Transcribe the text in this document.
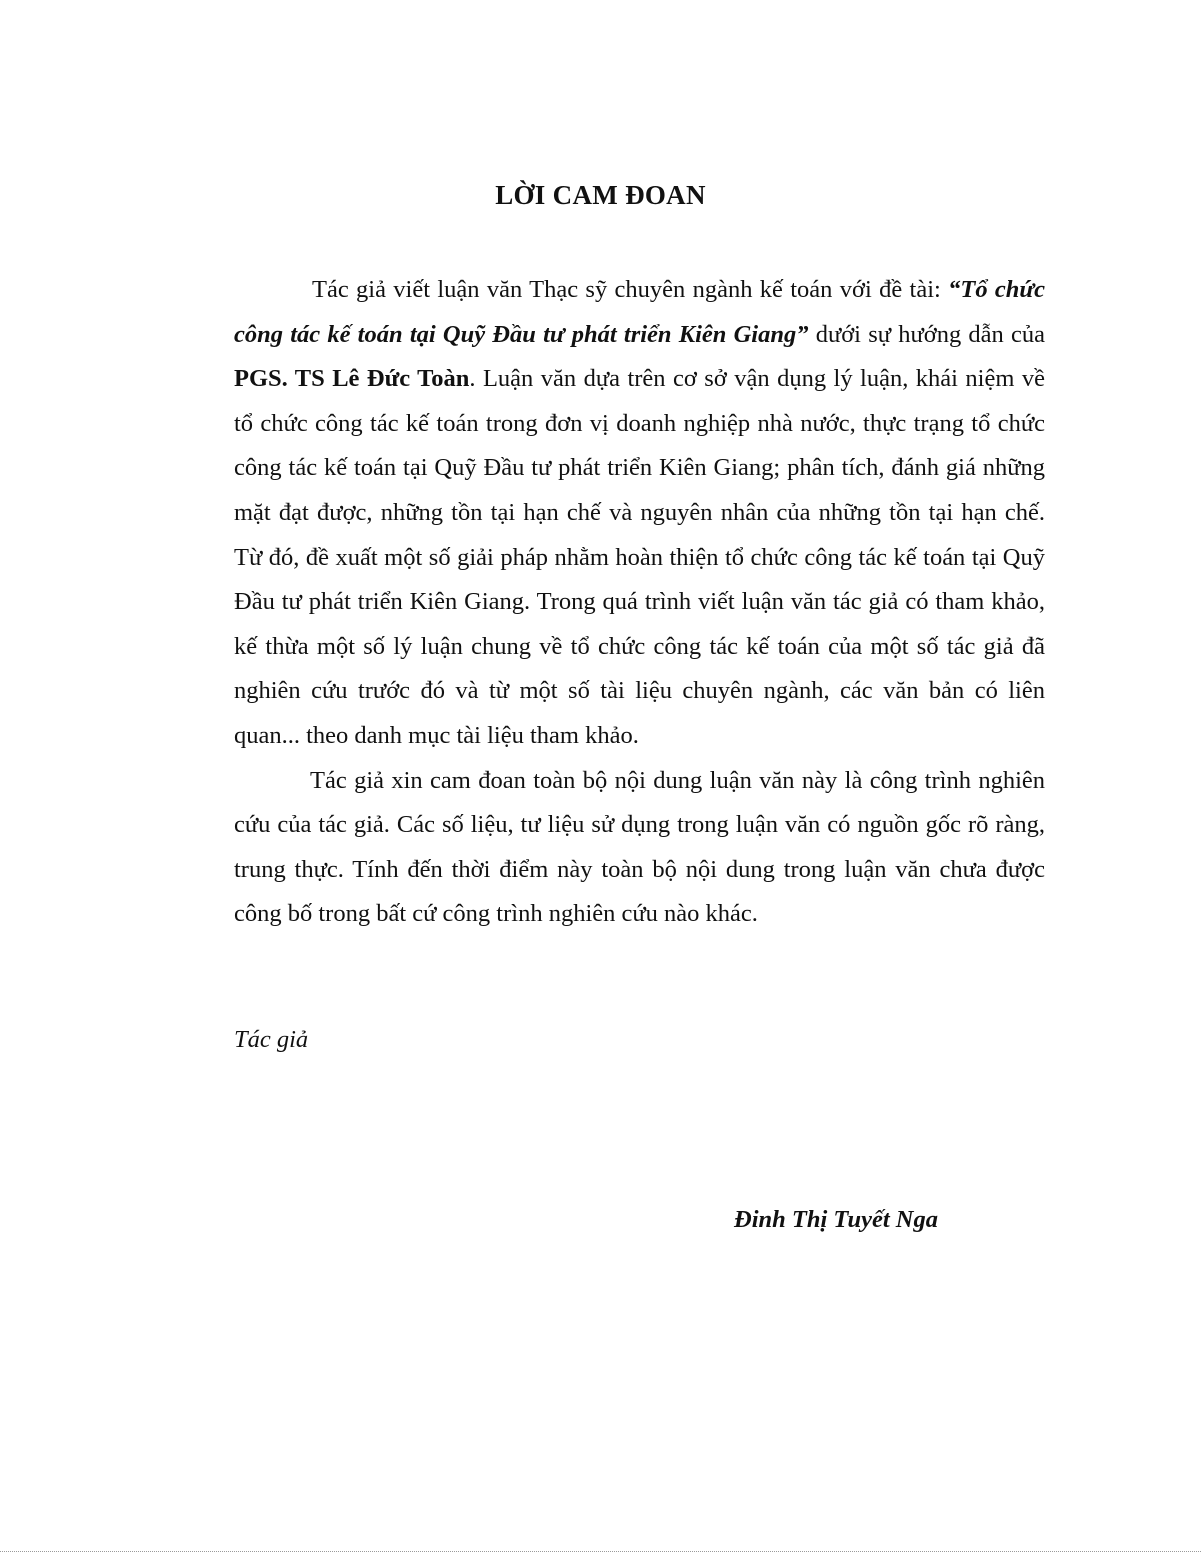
LỜI CAM ĐOAN

Tác giả viết luận văn Thạc sỹ chuyên ngành kế toán với đề tài: “Tổ chức công tác kế toán tại Quỹ Đầu tư phát triển Kiên Giang” dưới sự hướng dẫn của PGS. TS Lê Đức Toàn. Luận văn dựa trên cơ sở vận dụng lý luận, khái niệm về tổ chức công tác kế toán trong đơn vị doanh nghiệp nhà nước, thực trạng tổ chức công tác kế toán tại Quỹ Đầu tư phát triển Kiên Giang; phân tích, đánh giá những mặt đạt được, những tồn tại hạn chế và nguyên nhân của những tồn tại hạn chế. Từ đó, đề xuất một số giải pháp nhằm hoàn thiện tổ chức công tác kế toán tại Quỹ Đầu tư phát triển Kiên Giang. Trong quá trình viết luận văn tác giả có tham khảo, kế thừa một số lý luận chung về tổ chức công tác kế toán của một số tác giả đã nghiên cứu trước đó và từ một số tài liệu chuyên ngành, các văn bản có liên quan... theo danh mục tài liệu tham khảo.

Tác giả xin cam đoan toàn bộ nội dung luận văn này là công trình nghiên cứu của tác giả. Các số liệu, tư liệu sử dụng trong luận văn có nguồn gốc rõ ràng, trung thực. Tính đến thời điểm này toàn bộ nội dung trong luận văn chưa được công bố trong bất cứ công trình nghiên cứu nào khác.

Tác giả

Đinh Thị Tuyết Nga
